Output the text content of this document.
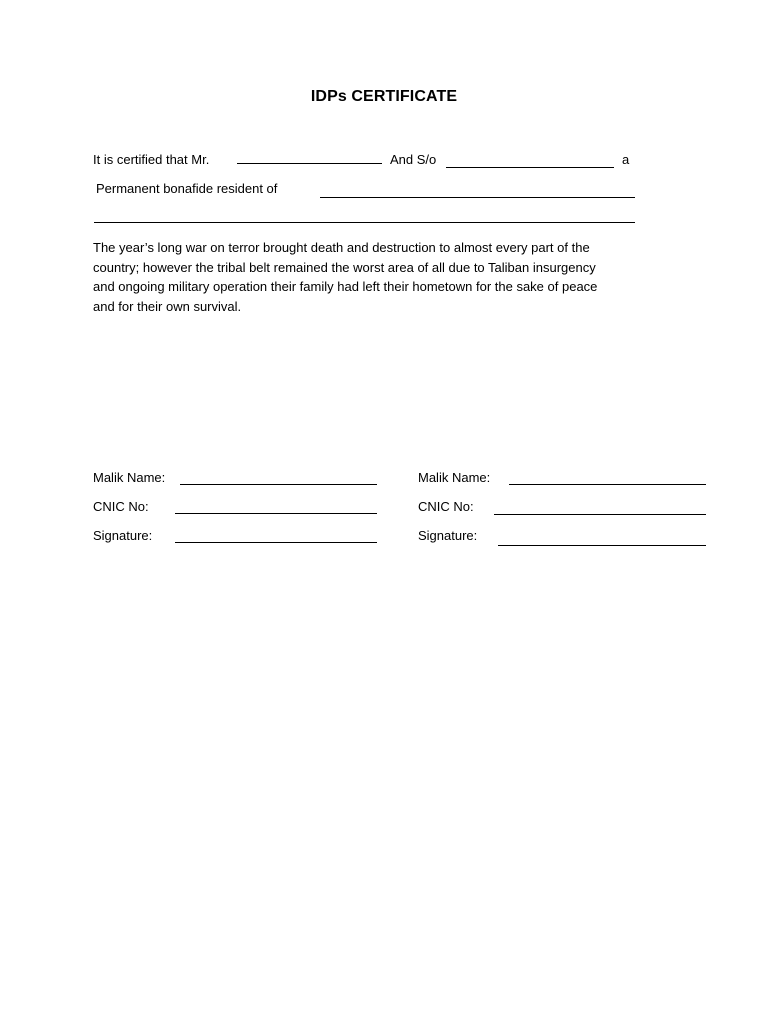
IDPs CERTIFICATE
It is certified that Mr.	And S/o	a
Permanent bonafide resident of
The year’s long war on terror brought death and destruction to almost every part of the
country; however the tribal belt remained the worst area of all due to Taliban insurgency
and ongoing military operation their family had left their hometown for the sake of peace
and for their own survival.
Malik Name:
CNIC No:
Signature:
Malik Name:
CNIC No:
Signature:
